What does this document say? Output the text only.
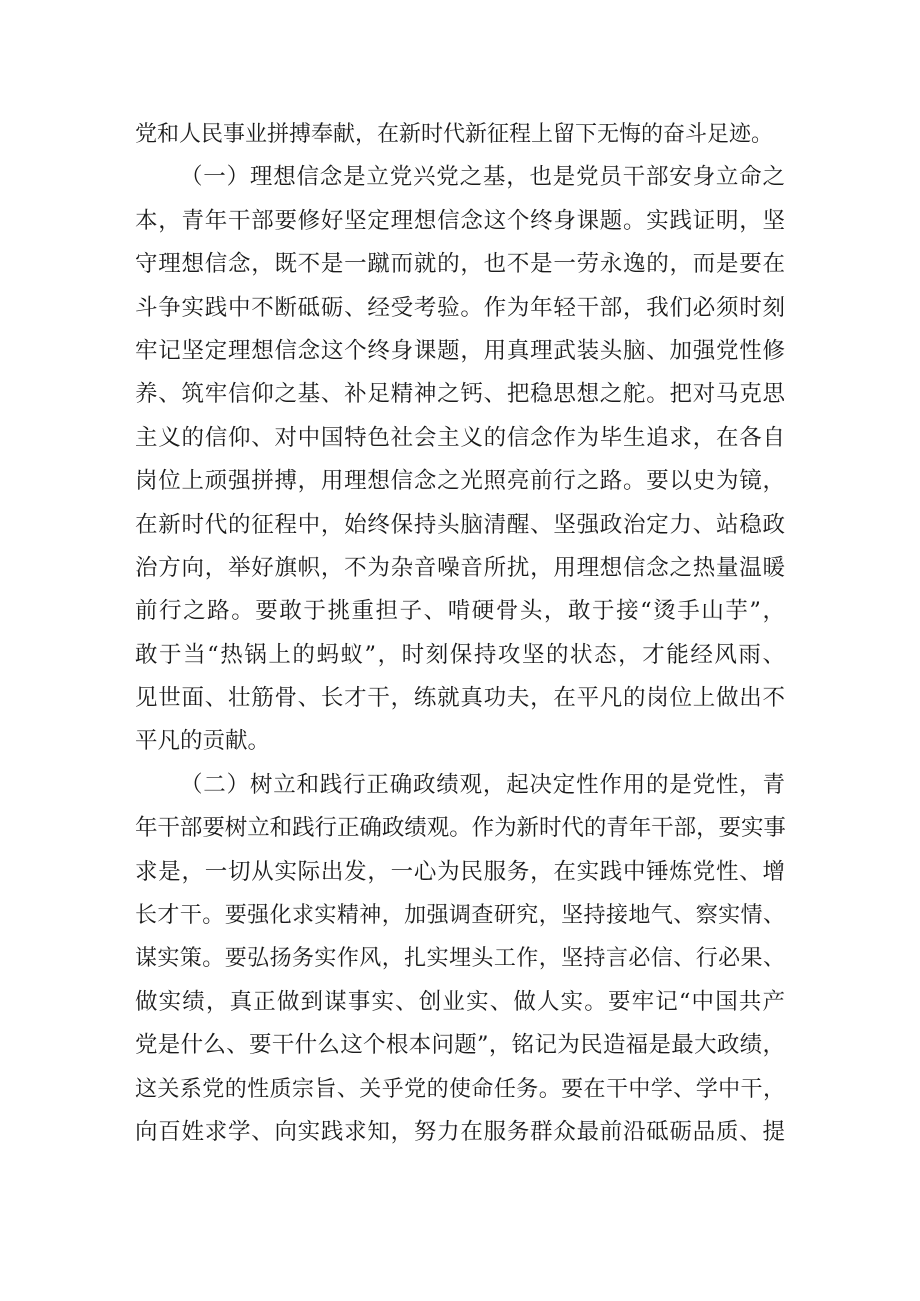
党和人民事业拼搏奉献，在新时代新征程上留下无悔的奋斗足迹。
（一）理想信念是立党兴党之基，也是党员干部安身立命之
本，青年干部要修好坚定理想信念这个终身课题。实践证明，坚
守理想信念，既不是一蹴而就的，也不是一劳永逸的，而是要在
斗争实践中不断砥砺、经受考验。作为年轻干部，我们必须时刻
牢记坚定理想信念这个终身课题，用真理武装头脑、加强党性修
养、筑牢信仰之基、补足精神之钙、把稳思想之舵。把对马克思
主义的信仰、对中国特色社会主义的信念作为毕生追求，在各自
岗位上顽强拼搏，用理想信念之光照亮前行之路。要以史为镜，
在新时代的征程中，始终保持头脑清醒、坚强政治定力、站稳政
治方向，举好旗帜，不为杂音噪音所扰，用理想信念之热量温暖
前行之路。要敢于挑重担子、啃硬骨头，敢于接“烫手山芋”，
敢于当“热锅上的蚂蚁”，时刻保持攻坚的状态，才能经风雨、
见世面、壮筋骨、长才干，练就真功夫，在平凡的岗位上做出不
平凡的贡献。
（二）树立和践行正确政绩观，起决定性作用的是党性，青
年干部要树立和践行正确政绩观。作为新时代的青年干部，要实事
求是，一切从实际出发，一心为民服务，在实践中锤炼党性、增
长才干。要强化求实精神，加强调查研究，坚持接地气、察实情、
谋实策。要弘扬务实作风，扎实埋头工作，坚持言必信、行必果、
做实绩，真正做到谋事实、创业实、做人实。要牢记“中国共产
党是什么、要干什么这个根本问题”，铭记为民造福是最大政绩，
这关系党的性质宗旨、关乎党的使命任务。要在干中学、学中干，
向百姓求学、向实践求知，努力在服务群众最前沿砥砺品质、提
